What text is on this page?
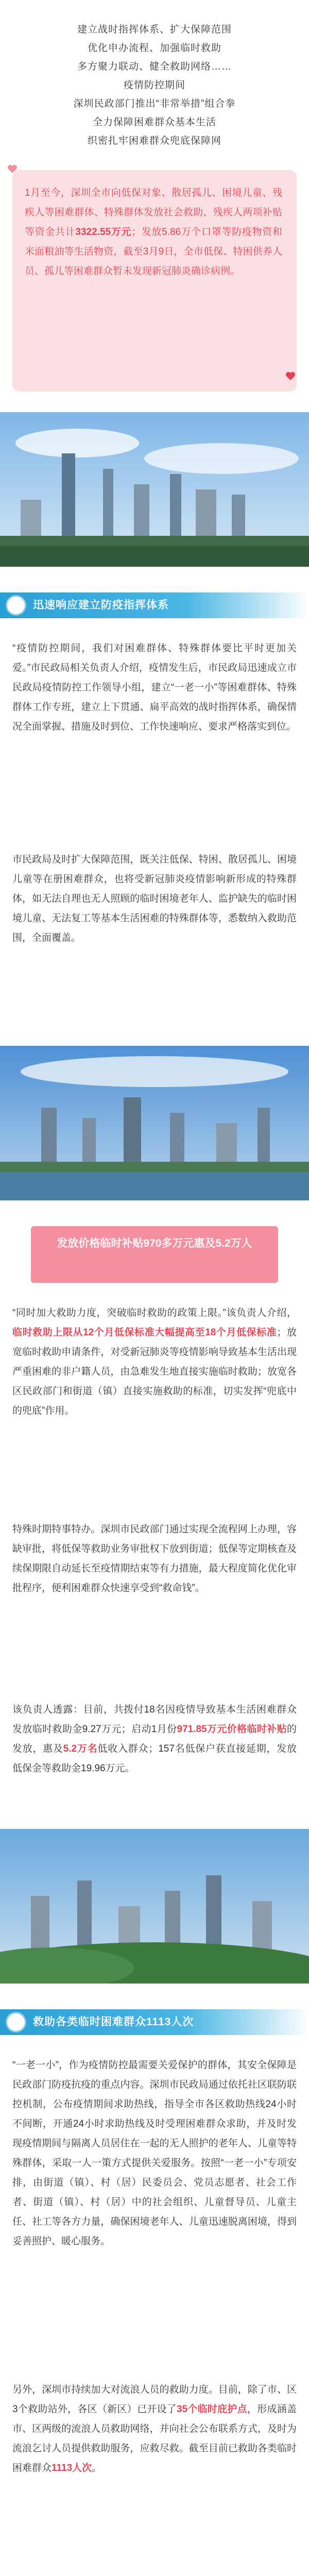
建立战时指挥体系、扩大保障范围
优化申办流程、加强临时救助
多方聚力联动、健全救助网络……
疫情防控期间
深圳民政部门推出“非常举措”组合拳
全力保障困难群众基本生活
织密扎牢困难群众兜底保障网
1月至今，深圳全市向低保对象、散居孤儿、困境儿童、残疾人等困难群体、特殊群体发放社会救助、残疾人两项补贴等资金共计3322.55万元；发放5.86万个口罩等防疫物资和米面粮油等生活物资，截至3月9日，全市低保、特困供养人员、孤儿等困难群众暂未发现新冠肺炎确诊病例。
迅速响应建立防疫指挥体系
“疫情防控期间，我们对困难群体、特殊群体要比平时更加关爱。”市民政局相关负责人介绍，疫情发生后，市民政局迅速成立市民政局疫情防控工作领导小组，建立“一老一小”等困难群体、特殊群体工作专班，建立上下贯通、扁平高效的战时指挥体系，确保情况全面掌握、措施及时到位、工作快速响应、要求严格落实到位。
市民政局及时扩大保障范围，既关注低保、特困、散居孤儿、困境儿童等在册困难群众，也将受新冠肺炎疫情影响新形成的特殊群体，如无法自理也无人照顾的临时困境老年人、监护缺失的临时困境儿童、无法复工等基本生活困难的特殊群体等，悉数纳入救助范围，全面覆盖。
发放价格临时补贴970多万元惠及5.2万人
“同时加大救助力度，突破临时救助的政策上限。”该负责人介绍，临时救助上限从12个月低保标准大幅提高至18个月低保标准；放宽临时救助申请条件，对受新冠肺炎等疫情影响导致基本生活出现严重困难的非户籍人员，由急难发生地直接实施临时救助；放宽各区民政部门和街道（镇）直接实施救助的标准，切实发挥“兜底中的兜底”作用。
特殊时期特事特办。深圳市民政部门通过实现全流程网上办理，容缺审批，将低保等救助业务审批权下放到街道；低保等定期核查及续保期限自动延长至疫情期结束等有力措施，最大程度简化优化审批程序，便利困难群众快速享受到“救命钱”。
该负责人透露：目前，共拨付18名因疫情导致基本生活困难群众发放临时救助金9.27万元；启动1月份971.85万元价格临时补贴的发放，惠及5.2万名低收入群众；157名低保户获直接延期，发放低保金等救助金19.96万元。
救助各类临时困难群众1113人次
“一老一小”，作为疫情防控最需要关爱保护的群体，其安全保障是民政部门防疫抗疫的重点内容。深圳市民政局通过依托社区联防联控机制，公布疫情期间求助热线，指导全市各区救助热线24小时不间断，开通24小时求助热线及时受理困难群众求助，并及时发现疫情期间与隔离人员居住在一起的无人照护的老年人、儿童等特殊群体，采取一人一策方式提供关爱服务。按照“一老一小”专项安排，由街道（镇）、村（居）民委员会、党员志愿者、社会工作者、街道（镇）、村（居）中的社会组织、儿童督导员、儿童主任、社工等各方力量，确保困境老年人、儿童迅速脱离困境，得到妥善照护、暖心服务。
另外，深圳市持续加大对流浪人员的救助力度。目前，除了市、区3个救助站外，各区（新区）已开设了35个临时庇护点，形成涵盖市、区两级的流浪人员救助网络，并向社会公布联系方式，及时为流浪乞讨人员提供救助服务，应救尽救。截至目前已救助各类临时困难群众1113人次。
